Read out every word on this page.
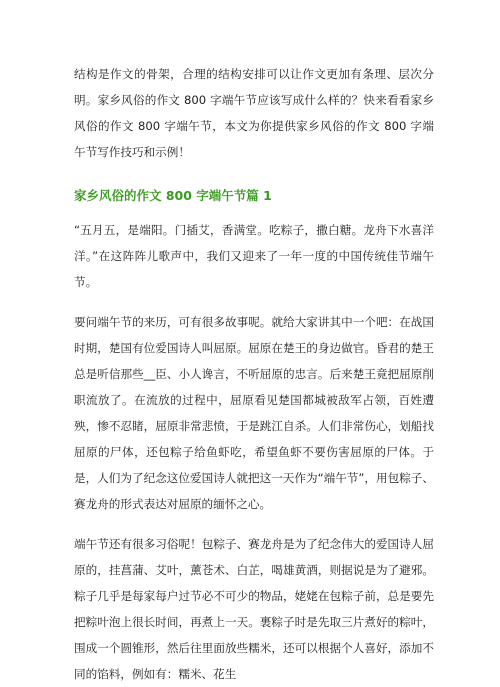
结构是作文的骨架，合理的结构安排可以让作文更加有条理、层次分明。家乡风俗的作文 800 字端午节应该写成什么样的？快来看看家乡风俗的作文 800 字端午节，本文为你提供家乡风俗的作文 800 字端午节写作技巧和示例！

家乡风俗的作文 800 字端午节篇 1

“五月五，是端阳。门插艾，香满堂。吃粽子，撒白糖。龙舟下水喜洋洋。”在这阵阵儿歌声中，我们又迎来了一年一度的中国传统佳节端午节。

要问端午节的来历，可有很多故事呢。就给大家讲其中一个吧：在战国时期，楚国有位爱国诗人叫屈原。屈原在楚王的身边做官。昏君的楚王总是听信那些__臣、小人谗言，不听屈原的忠言。后来楚王竟把屈原削职流放了。在流放的过程中，屈原看见楚国都城被敌军占领，百姓遭殃，惨不忍睹，屈原非常悲愤，于是跳江自杀。人们非常伤心，划船找屈原的尸体，还包粽子给鱼虾吃，希望鱼虾不要伤害屈原的尸体。于是，人们为了纪念这位爱国诗人就把这一天作为“端午节”，用包粽子、赛龙舟的形式表达对屈原的缅怀之心。

端午节还有很多习俗呢！包粽子、赛龙舟是为了纪念伟大的爱国诗人屈原的，挂菖蒲、艾叶，薰苍术、白芷，喝雄黄酒，则据说是为了避邪。粽子几乎是每家每户过节必不可少的物品，姥姥在包粽子前，总是要先把粽叶泡上很长时间，再煮上一天。裹粽子时是先取三片煮好的粽叶，围成一个圆锥形，然后往里面放些糯米，还可以根据个人喜好，添加不同的馅料，例如有：糯米、花生
